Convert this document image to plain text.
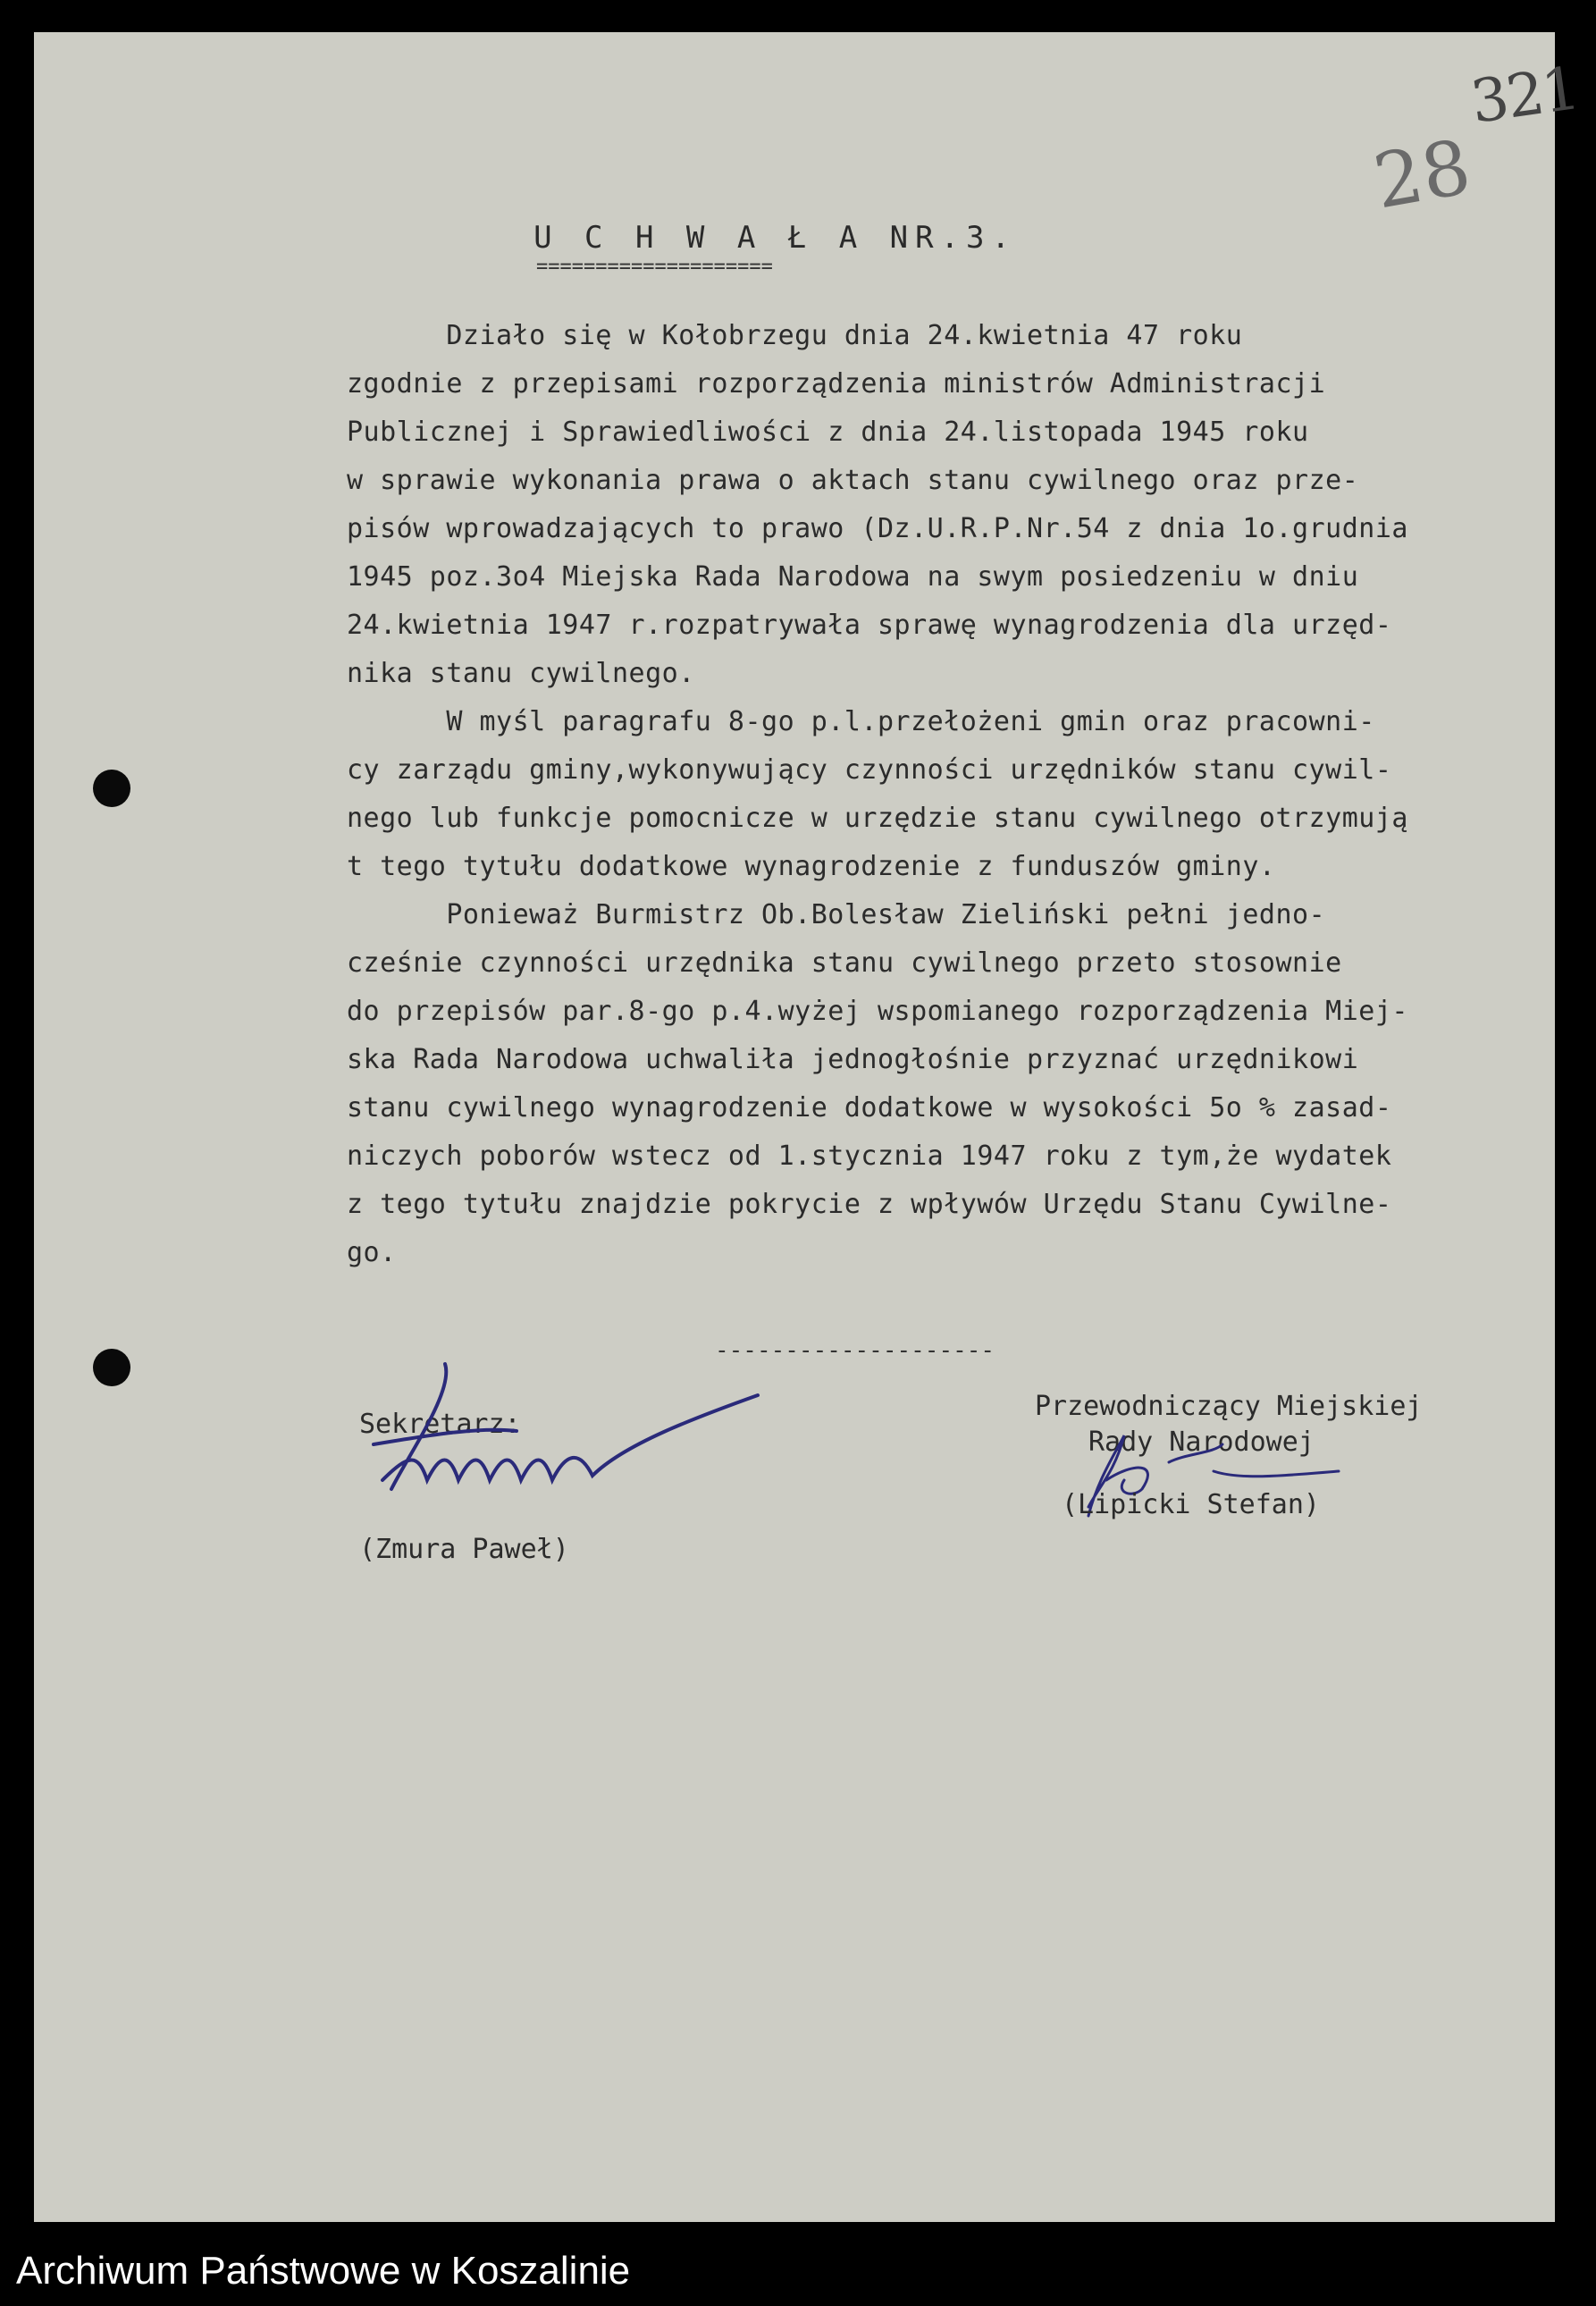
321
28
U C H W A Ł A NR.3.
====================
Działo się w Kołobrzegu dnia 24.kwietnia 47 roku
zgodnie z przepisami rozporządzenia ministrów Administracji
Publicznej i Sprawiedliwości z dnia 24.listopada 1945 roku
w sprawie wykonania prawa o aktach stanu cywilnego oraz prze-
pisów wprowadzających to prawo (Dz.U.R.P.Nr.54 z dnia 1o.grudnia
1945 poz.3o4 Miejska Rada Narodowa na swym posiedzeniu w dniu
24.kwietnia 1947 r.rozpatrywała sprawę wynagrodzenia dla urzęd-
nika stanu cywilnego.
W myśl paragrafu 8-go p.l.przełożeni gmin oraz pracowni-
cy zarządu gminy,wykonywujący czynności urzędników stanu cywil-
nego lub funkcje pomocnicze w urzędzie stanu cywilnego otrzymują
t tego tytułu dodatkowe wynagrodzenie z funduszów gminy.
Ponieważ Burmistrz Ob.Bolesław Zieliński pełni jedno-
cześnie czynności urzędnika stanu cywilnego przeto stosownie
do przepisów par.8-go p.4.wyżej wspomianego rozporządzenia Miej-
ska Rada Narodowa uchwaliła jednogłośnie przyznać urzędnikowi
stanu cywilnego wynagrodzenie dodatkowe w wysokości 5o % zasad-
niczych poborów wstecz od 1.stycznia 1947 roku z tym,że wydatek
z tego tytułu znajdzie pokrycie z wpływów Urzędu Stanu Cywilne-
go.
--------------------
Sekretarz:
(Zmura Paweł)
Przewodniczący Miejskiej
Rady Narodowej
(Lipicki Stefan)
Archiwum Państwowe w Koszalinie
